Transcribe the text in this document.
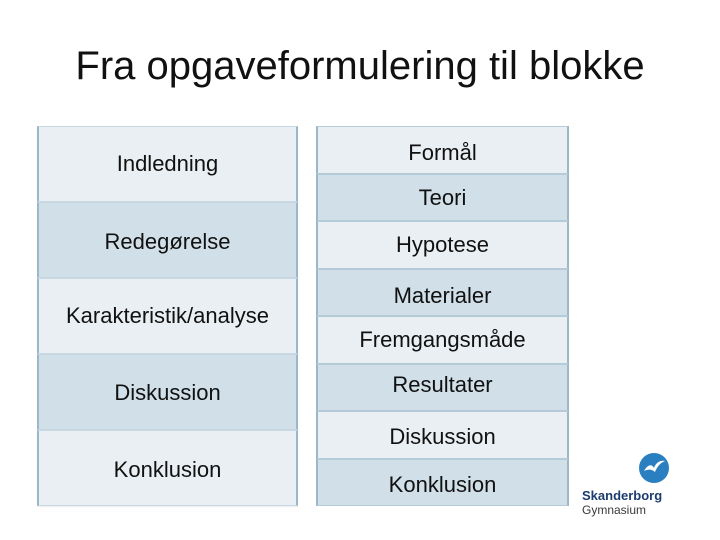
Fra opgaveformulering til blokke
Indledning
Redegørelse
Karakteristik/analyse
Diskussion
Konklusion
Formål
Teori
Hypotese
Materialer
Fremgangsmåde
Resultater
Diskussion
Konklusion	Skanderborg
Gymnasium
